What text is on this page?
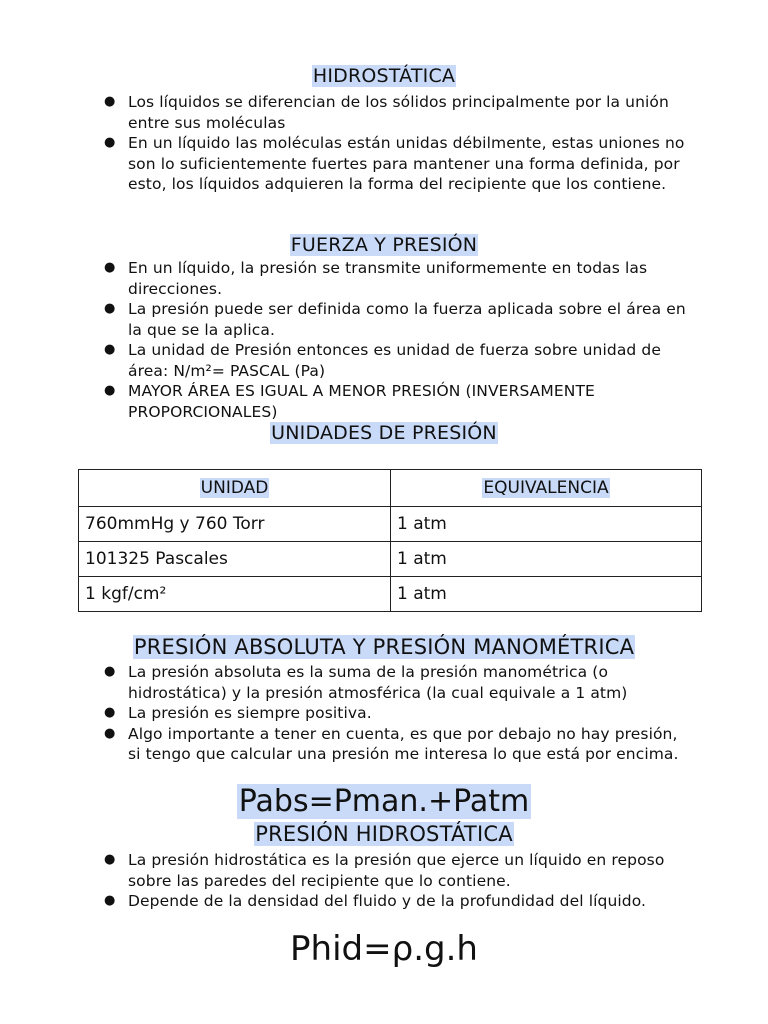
HIDROSTÁTICA
● Los líquidos se diferencian de los sólidos principalmente por la unión entre sus moléculas
● En un líquido las moléculas están unidas débilmente, estas uniones no son lo suficientemente fuertes para mantener una forma definida, por esto, los líquidos adquieren la forma del recipiente que los contiene.
FUERZA Y PRESIÓN
● En un líquido, la presión se transmite uniformemente en todas las direcciones.
● La presión puede ser definida como la fuerza aplicada sobre el área en la que se la aplica.
● La unidad de Presión entonces es unidad de fuerza sobre unidad de área: N/m²= PASCAL (Pa)
● MAYOR ÁREA ES IGUAL A MENOR PRESIÓN (INVERSAMENTE PROPORCIONALES)
UNIDADES DE PRESIÓN
UNIDAD	EQUIVALENCIA
760mmHg y 760 Torr	1 atm
101325 Pascales	1 atm
1 kgf/cm²	1 atm
PRESIÓN ABSOLUTA Y PRESIÓN MANOMÉTRICA
● La presión absoluta es la suma de la presión manométrica (o hidrostática) y la presión atmosférica (la cual equivale a 1 atm)
● La presión es siempre positiva.
● Algo importante a tener en cuenta, es que por debajo no hay presión, si tengo que calcular una presión me interesa lo que está por encima.
Pabs=Pman.+Patm
PRESIÓN HIDROSTÁTICA
● La presión hidrostática es la presión que ejerce un líquido en reposo sobre las paredes del recipiente que lo contiene.
● Depende de la densidad del fluido y de la profundidad del líquido.
Phid=ρ.g.h
